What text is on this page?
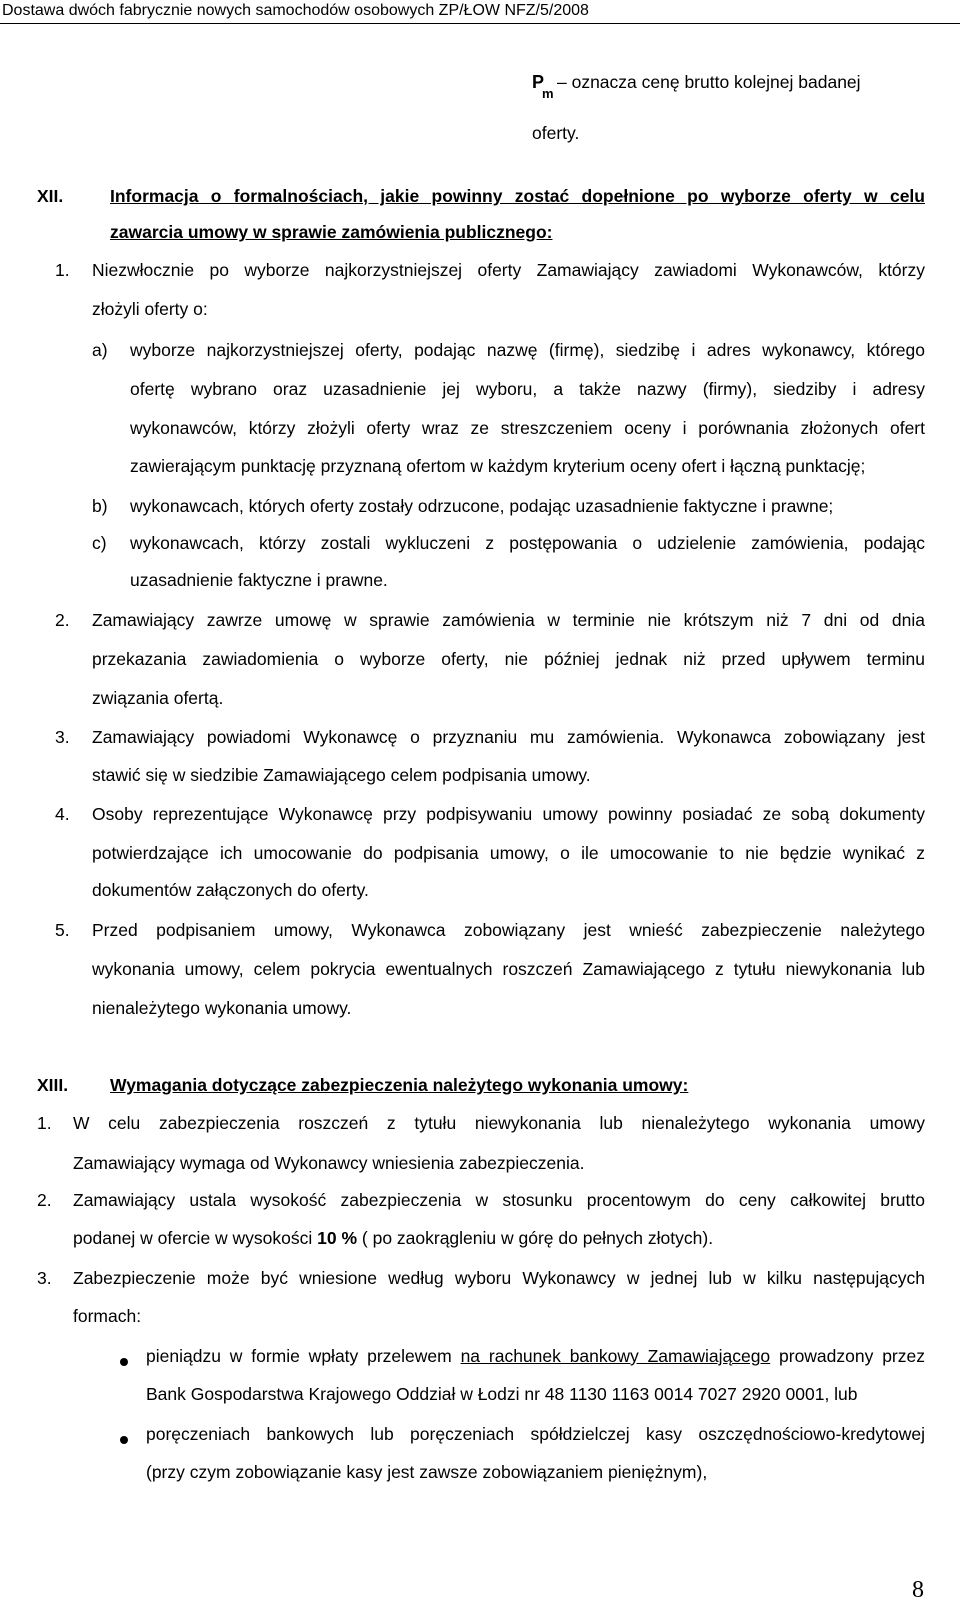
Dostawa dwóch fabrycznie nowych samochodów osobowych ZP/ŁOW NFZ/5/2008
$P_m$
– oznacza cenę brutto kolejnej badanej
oferty.
XII.	Informacja o formalnościach, jakie powinny zostać dopełnione po wyborze oferty w celu
zawarcia umowy w sprawie zamówienia publicznego:
1. Niezwłocznie po wyborze najkorzystniejszej oferty Zamawiający zawiadomi Wykonawców, którzy
złożyli oferty o:
a) wyborze najkorzystniejszej oferty, podając nazwę (firmę), siedzibę i adres wykonawcy, którego
ofertę wybrano oraz uzasadnienie jej wyboru, a także nazwy (firmy), siedziby i adresy
wykonawców, którzy złożyli oferty wraz ze streszczeniem oceny i porównania złożonych ofert
zawierającym punktację przyznaną ofertom w każdym kryterium oceny ofert i łączną punktację;
b) wykonawcach, których oferty zostały odrzucone, podając uzasadnienie faktyczne i prawne;
c) wykonawcach, którzy zostali wykluczeni z postępowania o udzielenie zamówienia, podając
uzasadnienie faktyczne i prawne.
2. Zamawiający zawrze umowę w sprawie zamówienia w terminie nie krótszym niż 7 dni od dnia
przekazania zawiadomienia o wyborze oferty, nie później jednak niż przed upływem terminu
związania ofertą.
3. Zamawiający powiadomi Wykonawcę o przyznaniu mu zamówienia. Wykonawca zobowiązany jest
stawić się w siedzibie Zamawiającego celem podpisania umowy.
4. Osoby reprezentujące Wykonawcę przy podpisywaniu umowy powinny posiadać ze sobą dokumenty
potwierdzające ich umocowanie do podpisania umowy, o ile umocowanie to nie będzie wynikać z
dokumentów załączonych do oferty.
5. Przed podpisaniem umowy, Wykonawca zobowiązany jest wnieść zabezpieczenie należytego
wykonania umowy, celem pokrycia ewentualnych roszczeń Zamawiającego z tytułu niewykonania lub
nienależytego wykonania umowy.
XIII. Wymagania dotyczące zabezpieczenia należytego wykonania umowy:
1. W celu zabezpieczenia roszczeń z tytułu niewykonania lub nienależytego wykonania umowy
Zamawiający wymaga od Wykonawcy wniesienia zabezpieczenia.
2. Zamawiający ustala wysokość zabezpieczenia w stosunku procentowym do ceny całkowitej brutto
podanej w ofercie w wysokości 10 % ( po zaokrągleniu w górę do pełnych złotych).
3. Zabezpieczenie może być wniesione według wyboru Wykonawcy w jednej lub w kilku następujących
formach:
pieniądzu w formie wpłaty przelewem na rachunek bankowy Zamawiającego prowadzony przez
Bank Gospodarstwa Krajowego Oddział w Łodzi nr 48 1130 1163 0014 7027 2920 0001, lub
poręczeniach bankowych lub poręczeniach spółdzielczej kasy oszczędnościowo-kredytowej
(przy czym zobowiązanie kasy jest zawsze zobowiązaniem pieniężnym),
8
